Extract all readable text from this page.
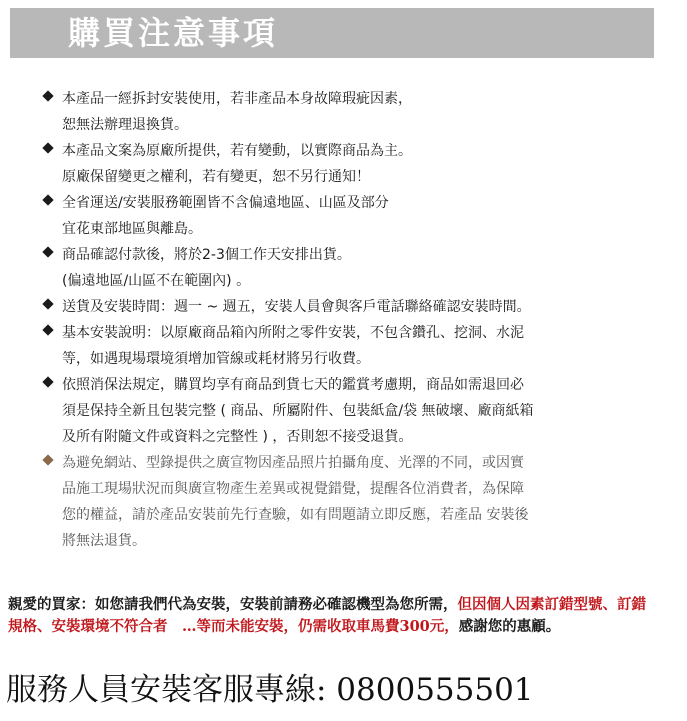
購買注意事項
本產品一經拆封安裝使用，若非產品本身故障瑕疵因素，
恕無法辦理退換貨。
本產品文案為原廠所提供，若有變動，以實際商品為主。
原廠保留變更之權利，若有變更，恕不另行通知！
全省運送/安裝服務範圍皆不含偏遠地區、山區及部分
宜花東部地區與離島。
商品確認付款後，將於2-3個工作天安排出貨。
(偏遠地區/山區不在範圍內) 。
送貨及安裝時間：週一 ~ 週五，安裝人員會與客戶電話聯絡確認安裝時間。
基本安裝說明：以原廠商品箱內所附之零件安裝，不包含鑽孔、挖洞、水泥
等，如遇現場環境須增加管線或耗材將另行收費。
依照消保法規定，購買均享有商品到貨七天的鑑賞考慮期，商品如需退回必
須是保持全新且包裝完整 ( 商品、所屬附件、包裝紙盒/袋 無破壞、廠商紙箱
及所有附隨文件或資料之完整性 ) ，否則恕不接受退貨。
為避免網站、型錄提供之廣宣物因產品照片拍攝角度、光澤的不同，或因實
品施工現場狀況而與廣宣物產生差異或視覺錯覺，提醒各位消費者，為保障
您的權益，請於產品安裝前先行查驗，如有問題請立即反應，若產品 安裝後
將無法退貨。
親愛的買家：如您請我們代為安裝，安裝前請務必確認機型為您所需，但因個人因素訂錯型號、訂錯規格、安裝環境不符合者　…等而未能安裝，仍需收取車馬費300元，感謝您的惠顧。
服務人員安裝客服專線: 0800555501
